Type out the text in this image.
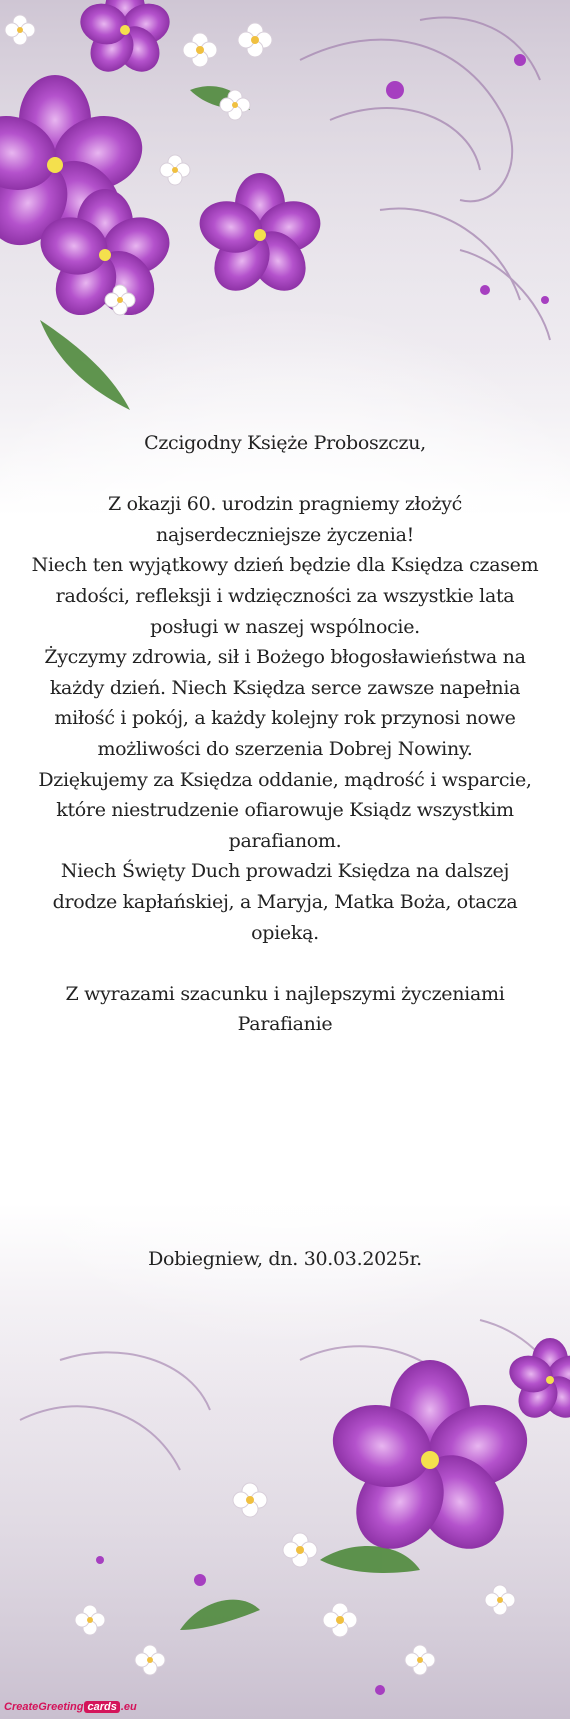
Czcigodny Księże Proboszczu,

Z okazji 60. urodzin pragniemy złożyć najserdeczniejsze życzenia!

Niech ten wyjątkowy dzień będzie dla Księdza czasem radości, refleksji i wdzięczności za wszystkie lata posługi w naszej wspólnocie.

Życzymy zdrowia, sił i Bożego błogosławieństwa na każdy dzień. Niech Księdza serce zawsze napełnia miłość i pokój, a każdy kolejny rok przynosi nowe możliwości do szerzenia Dobrej Nowiny.

Dziękujemy za Księdza oddanie, mądrość i wsparcie, które niestrudzenie ofiarowuje Ksiądz wszystkim parafianom.

Niech Święty Duch prowadzi Księdza na dalszej drodze kapłańskiej, a Maryja, Matka Boża, otacza opieką.

Z wyrazami szacunku i najlepszymi życzeniami

Parafianie

Dobiegniew, dn. 30.03.2025r.
CreateGreeting cards .eu
